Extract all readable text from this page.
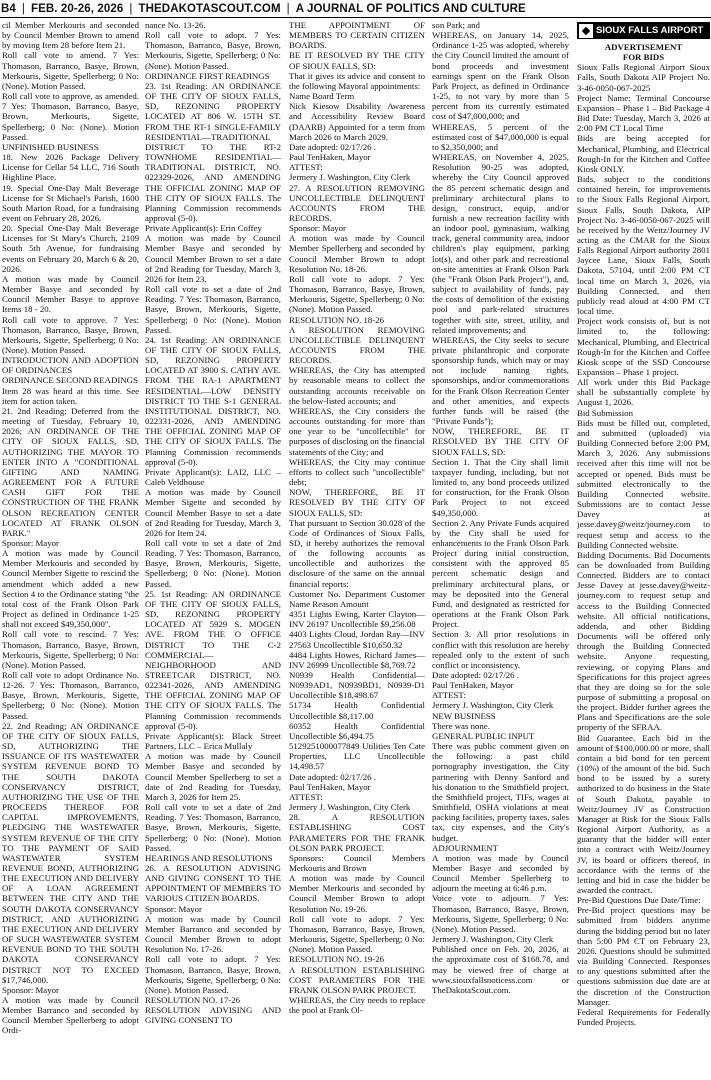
B4 | FEB. 20-26, 2026 | THEDAKOTASCOUT.COM | A JOURNAL OF POLITICS AND CULTURE

cil Member Merkouris and seconded by Council Member Brown to amend by moving Item 28 before Item 21.

Roll call vote to amend. 7 Yes: Thomason, Barranco, Basye, Brown, Merkouris, Sigette, Spellerberg; 0 No: (None). Motion Passed.

Roll call vote to approve, as amended. 7 Yes: Thomason, Barranco, Basye, Brown, Merkouris, Sigette, Spellerberg; 0 No: (None). Motion Passed.

UNFINISHED BUSINESS

18. New 2026 Package Delivery License for Cellar 54 LLC, 716 South Highline Place.

19. Special One-Day Malt Beverage License for St Michael's Parish, 1600 South Marion Road, for a fundraising event on February 28, 2026.

20. Special One-Day Malt Beverage Licenses for St Mary's Church, 2109 South 5th Avenue, for fundraising events on February 20, March 6 & 20, 2026.

A motion was made by Council Member Basye and seconded by Council Member Basye to approve Items 18 - 20.

Roll call vote to approve. 7 Yes: Thomason, Barranco, Basye, Brown, Merkouris, Sigette, Spellerberg; 0 No: (None). Motion Passed.

INTRODUCTION AND ADOPTION OF ORDINANCES

ORDINANCE SECOND READINGS

Item 28 was heard at this time. See item for action taken.

21. 2nd Reading; Deferred from the meeting of Tuesday, February 10, 2026; AN ORDINANCE OF THE CITY OF SIOUX FALLS, SD, AUTHORIZING THE MAYOR TO ENTER INTO A "CONDITIONAL GIFTING AND NAMING AGREEMENT FOR A FUTURE CASH GIFT FOR THE CONSTRUCTION OF THE FRANK OLSON RECREATION CENTER LOCATED AT FRANK OLSON PARK."

Sponsor: Mayor

A motion was made by Council Member Merkouris and seconded by Council Member Sigette to rescind the amendment which added a new Section 4 to the Ordinance stating "the total cost of the Frank Olson Park Project as defined in Ordinance 1-25 shall not exceed $49,350,000".

Roll call vote to rescind. 7 Yes: Thomason, Barranco, Basye, Brown, Merkouris, Sigette, Spellerberg; 0 No: (None). Motion Passed.

Roll call vote to adopt Ordinance No. 12-26. 7 Yes: Thomason, Barranco, Basye, Brown, Merkouris, Sigette, Spellerberg; 0 No: (None). Motion Passed.

22. 2nd Reading; AN ORDINANCE OF THE CITY OF SIOUX FALLS, SD, AUTHORIZING THE ISSUANCE OF ITS WASTEWATER SYSTEM REVENUE BOND TO THE SOUTH DAKOTA CONSERVANCY DISTRICT, AUTHORIZING THE USE OF THE PROCEEDS THEREOF FOR CAPITAL IMPROVEMENTS, PLEDGING THE WASTEWATER SYSTEM REVENUE OF THE CITY TO THE PAYMENT OF SAID WASTEWATER SYSTEM REVENUE BOND, AUTHORIZING THE EXECUTION AND DELIVERY OF A LOAN AGREEMENT BETWEEN THE CITY AND THE SOUTH DAKOTA CONSERVANCY DISTRICT, AND AUTHORIZING THE EXECUTION AND DELIVERY OF SUCH WASTEWATER SYSTEM REVENUE BOND TO THE SOUTH DAKOTA CONSERVANCY DISTRICT NOT TO EXCEED $17,746,000.

Sponsor: Mayor

A motion was made by Council Member Barranco and seconded by Council Member Spellerberg to adopt Ordi-

nance No. 13-26.

Roll call vote to adopt. 7 Yes: Thomason, Barranco, Basye, Brown, Merkouris, Sigette, Spellerberg; 0 No: (None). Motion Passed.

ORDINANCE FIRST READINGS

23. 1st Reading: AN ORDINANCE OF THE CITY OF SIOUX FALLS, SD, REZONING PROPERTY LOCATED AT 806 W. 15TH ST. FROM THE RT-1 SINGLE-FAMILY RESIDENTIAL—TRADITIONAL DISTRICT TO THE RT-2 TOWNHOME RESIDENTIAL—TRADITIONAL DISTRICT, NO. 022329-2026, AND AMENDING THE OFFICIAL ZONING MAP OF THE CITY OF SIOUX FALLS. The Planning Commission recommends approval (5-0).

Private Applicant(s): Erin Coffey

A motion was made by Council Member Basye and seconded by Council Member Brown to set a date of 2nd Reading for Tuesday, March 3, 2026 for Item 23.

Roll call vote to set a date of 2nd Reading. 7 Yes: Thomason, Barranco, Basye, Brown, Merkouris, Sigette, Spellerberg; 0 No: (None). Motion Passed.

24. 1st Reading: AN ORDINANCE OF THE CITY OF SIOUX FALLS, SD, REZONING PROPERTY LOCATED AT 3900 S. CATHY AVE. FROM THE RA-1 APARTMENT RESIDENTIAL—LOW DENSITY DISTRICT TO THE S-1 GENERAL INSTITUTIONAL DISTRICT, NO. 022331-2026, AND AMENDING THE OFFICIAL ZONING MAP OF THE CITY OF SIOUX FALLS. The Planning Commission recommends approval (5-0).

Private Applicant(s): LAI2, LLC – Caleb Veldhouse

A motion was made by Council Member Sigette and seconded by Council Member Basye to set a date of 2nd Reading for Tuesday, March 3, 2026 for Item 24.

Roll call vote to set a date of 2nd Reading. 7 Yes: Thomason, Barranco, Basye, Brown, Merkouris, Sigette, Spellerberg; 0 No: (None). Motion Passed.

25. 1st Reading: AN ORDINANCE OF THE CITY OF SIOUX FALLS, SD, REZONING PROPERTY LOCATED AT 5929 S. MOGEN AVE. FROM THE O OFFICE DISTRICT TO THE C-2 COMMERCIAL—NEIGHBORHOOD AND STREETCAR DISTRICT, NO. 022341-2026, AND AMENDING THE OFFICIAL ZONING MAP OF THE CITY OF SIOUX FALLS. The Planning Commission recommends approval (5-0).

Private Applicant(s): Black Street Partners, LLC – Erica Mullaly

A motion was made by Council Member Basye and seconded by Council Member Spellerberg to set a date of 2nd Reading for Tuesday, March 3, 2026 for Item 25.

Roll call vote to set a date of 2nd Reading. 7 Yes: Thomason, Barranco, Basye, Brown, Merkouris, Sigette, Spellerberg; 0 No: (None). Motion Passed.

HEARINGS AND RESOLUTIONS

26. A RESOLUTION ADVISING AND GIVING CONSENT TO THE APPOINTMENT OF MEMBERS TO VARIOUS CITIZEN BOARDS.

Sponsor: Mayor

A motion was made by Council Member Barranco and seconded by Council Member Brown to adopt Resolution No. 17-26.

Roll call vote to adopt. 7 Yes: Thomason, Barranco, Basye, Brown, Merkouris, Sigette, Spellerberg; 0 No: (None). Motion Passed.

RESOLUTION NO. 17-26

RESOLUTION ADVISING AND GIVING CONSENT TO

THE APPOINTMENT OF MEMBERS TO CERTAIN CITIZEN BOARDS.

BE IT RESOLVED BY THE CITY OF SIOUX FALLS, SD:

That it gives its advice and consent to the following Mayoral appointments:

Name Board Term

Nick Kiesow Disability Awareness and Accessibility Review Board (DAARB) Appointed for a term from March 2026 to March 2029.

Date adopted: 02/17/26 .

Paul TenHaken, Mayor

ATTEST:

Jermery J. Washington, City Clerk

27. A RESOLUTION REMOVING UNCOLLECTIBLE DELINQUENT ACCOUNTS FROM THE RECORDS.

Sponsor: Mayor

A motion was made by Council Member Spellerberg and seconded by Council Member Brown to adopt Resolution No. 18-26.

Roll call vote to adopt. 7 Yes: Thomason, Barranco, Basye, Brown, Merkouris, Sigette, Spellerberg; 0 No: (None). Motion Passed.

RESOLUTION NO. 18-26

A RESOLUTION REMOVING UNCOLLECTIBLE DELINQUENT ACCOUNTS FROM THE RECORDS.

WHEREAS, the City has attempted by reasonable means to collect the outstanding accounts receivable on the below-listed accounts; and

WHEREAS, the City considers the accounts outstanding for more than one year to be "uncollectible" for purposes of disclosing on the financial statements of the City; and

WHEREAS, the City may continue efforts to collect such "uncollectible" debt;

NOW, THEREFORE, BE IT RESOLVED BY THE CITY OF SIOUX FALLS, SD:

That pursuant to Section 30.028 of the Code of Ordinances of Sioux Falls, SD, it hereby authorizes the removal of the following accounts as uncollectible and authorizes the disclosure of the same on the annual financial reports:

Customer No. Department Customer Name Reason Amount

4351 Lights Ewing, Karter Clayton—INV 26197 Uncollectible $9,256.08

4403 Lights Cloud, Jordan Ray—INV 27563 Uncollectible $10,650.32

4484 Lights Howes, Richard James—INV 26999 Uncollectible $8,769.72

N0939 Health Confidential—N0939AD1, N0939BD1, N0939-D1 Uncollectible $18,498.67

51734 Health Confidential Uncollectible $8,117.00

60352 Health Confidential Uncollectible $6,494.75

5129251000077849 Utilities Ten Cate Properties, LLC Uncollectible 14,498.57

Date adopted: 02/17/26 .

Paul TenHaken, Mayor

ATTEST:

Jermery J. Washington, City Clerk

28. A RESOLUTION ESTABLISHING COST PARAMETERS FOR THE FRANK OLSON PARK PROJECT.

Sponsors: Council Members Merkouris and Brown

A motion was made by Council Member Merkouris and seconded by Council Member Brown to adopt Resolution No. 19-26.

Roll call vote to adopt. 7 Yes: Thomason, Barranco, Basye, Brown, Merkouris, Sigette, Spellerberg; 0 No: (None). Motion Passed.

RESOLUTION NO. 19-26

A RESOLUTION ESTABLISHING COST PARAMETERS FOR THE FRANK OLSON PARK PROJECT.

WHEREAS, the City needs to replace the pool at Frank Ol-

son Park; and

WHEREAS, on January 14, 2025, Ordinance 1-25 was adopted, whereby the City Council limited the amount of bond proceeds and investment earnings spent on the Frank Olson Park Project, as defined in Ordinance 1-25, to not vary by more than 5 percent from its currently estimated cost of $47,000,000; and

WHEREAS, 5 percent of the estimated cost of $47,000,000 is equal to $2,350,000; and

WHEREAS, on November 4, 2025, Resolution 90-25 was adopted, whereby the City Council approved the 85 percent schematic design and preliminary architectural plans to design, construct, equip, and/or furnish a new recreation facility with an indoor pool, gymnasium, walking track, general community area, indoor children's play equipment, parking lot(s), and other park and recreational on-site amenities at Frank Olson Park (the "Frank Olson Park Project"), and, subject to availability of funds, pay the costs of demolition of the existing pool and park-related structures together with site, street, utility, and related improvements; and

WHEREAS, the City seeks to secure private philanthropic and corporate sponsorship funds, which may or may not include naming rights, sponsorships, and/or commemorations for the Frank Olson Recreation Center and other amenities, and expects further funds will be raised (the "Private Funds");

NOW, THEREFORE, BE IT RESOLVED BY THE CITY OF SIOUX FALLS, SD:

Section 1. That the City shall limit taxpayer funding, including, but not limited to, any bond proceeds utilized for construction, for the Frank Olson Park Project to not exceed $49,350,000.

Section 2. Any Private Funds acquired by the City shall be used for enhancements to the Frank Olson Park Project during initial construction, consistent with the approved 85 percent schematic design and preliminary architectural plans, or may be deposited into the General Fund, and designated as restricted for operations at the Frank Olson Park Project.

Section 3. All prior resolutions in conflict with this resolution are hereby repealed only to the extent of such conflict or inconsistency.

Date adopted: 02/17/26 .

Paul TenHaken, Mayor

ATTEST:

Jermery J. Washington, City Clerk

NEW BUSINESS

There was none.

GENERAL PUBLIC INPUT

There was public comment given on the following: a past child pornography investigation, the City partnering with Denny Sanford and his donation to the Smithfield project, the Smithfield project, TIFs, wages at Smithfield, OSHA violations at meat packing facilities, property taxes, sales tax, city expenses, and the City's budget.

ADJOURNMENT

A motion was made by Council Member Basye and seconded by Council Member Spellerberg to adjourn the meeting at 6:46 p.m.

Voice vote to adjourn. 7 Yes: Thomason, Barranco, Basye, Brown, Merkouris, Sigette, Spellerberg; 0 No: (None). Motion Passed.

Jermery J. Washington, City Clerk

Published once on Feb. 20, 2026, at the approximate cost of $168.78, and may be viewed free of charge at www.siouxfallsnoticess.com or TheDakotaScout.com.

SIOUX FALLS AIRPORT

ADVERTISEMENT

FOR BIDS

Sioux Falls Regional Airport Sioux Falls, South Dakota AIP Project No. 3-46-0050-067-2025

Project Name: Terminal Concourse Expansion – Phase 1 – Bid Package 4

Bid Date: Tuesday, March 3, 2026 at 2:00 PM CT Local Time

Bids are being accepted for Mechanical, Plumbing, and Electrical Rough-In for the Kitchen and Coffee Kiosk ONLY.

Bids, subject to the conditions contained herein, for improvements to the Sioux Falls Regional Airport, Sioux Falls, South Dakota, AIP Project No. 3-46-0050-067-2025 will be received by the Weitz/Journey JV acting as the CMAR for the Sioux Falls Regional Airport authority 2801 Jaycee Lane, Sioux Falls, South Dakota, 57104, until 2:00 PM CT local time on March 3, 2026, via Building Connected, and then publicly read aloud at 4:00 PM CT local time.

Project work consists of, but is not limited to, the following: Mechanical, Plumbing, and Electrical Rough-In for the Kitchen and Coffee Kiosk scope of the SSD Concourse Expansion – Phase 1 project.

All work under this Bid Package shall be substantially complete by August 1, 2026.

Bid Submission

Bids must be filled out, completed, and submitted (uploaded) via Building Connected before 2:00 PM, March 3, 2026. Any submissions received after this time will not be accepted or opened. Bids must be submitted electronically to the Building Connected website. Submissions are to contact Jesse Davey at jesse.davey@weitz/journey.com to request setup and access to the Building Connected website.

Bidding Documents. Bid Documents can be downloaded from Building Connected. Bidders are to contact Jesse Davey at jesse.davey@weitz-journey.com to request setup and access to the Building Connected website. All official notifications, addenda, and other Bidding Documents will be offered only through the Building Connected website. Anyone requesting, reviewing, or copying Plans and Specifications for this project agrees that they are doing so for the sole purpose of submitting a proposal on the project. Bidder further agrees the Plans and Specifications are the sole property of the SFRAA.

Bid Guarantee. Each bid in the amount of $100,000.00 or more, shall contain a bid bond for ten percent (10%) of the amount of the bid. Such bond to be issued by a surety authorized to do business in the State of South Dakota, payable to Weitz/Journey JV as Construction Manager at Risk for the Sioux Falls Regional Airport Authority, as a guaranty that the bidder will enter into a contract with Weitz/Journey JV, its board or officers thereof, in accordance with the terms of the letting and bid in case the bidder be awarded the contract.

Pre-Bid Questions Due Date/Time:

Pre-Bid project questions may be submitted from bidders anytime during the bidding period but no later than 5:00 PM CT on February 23, 2026. Questions should be submitted via Building Connected. Responses to any questions submitted after the questions submission due date are at the discretion of the Construction Manager.

Federal Requirements for Federally Funded Projects.
